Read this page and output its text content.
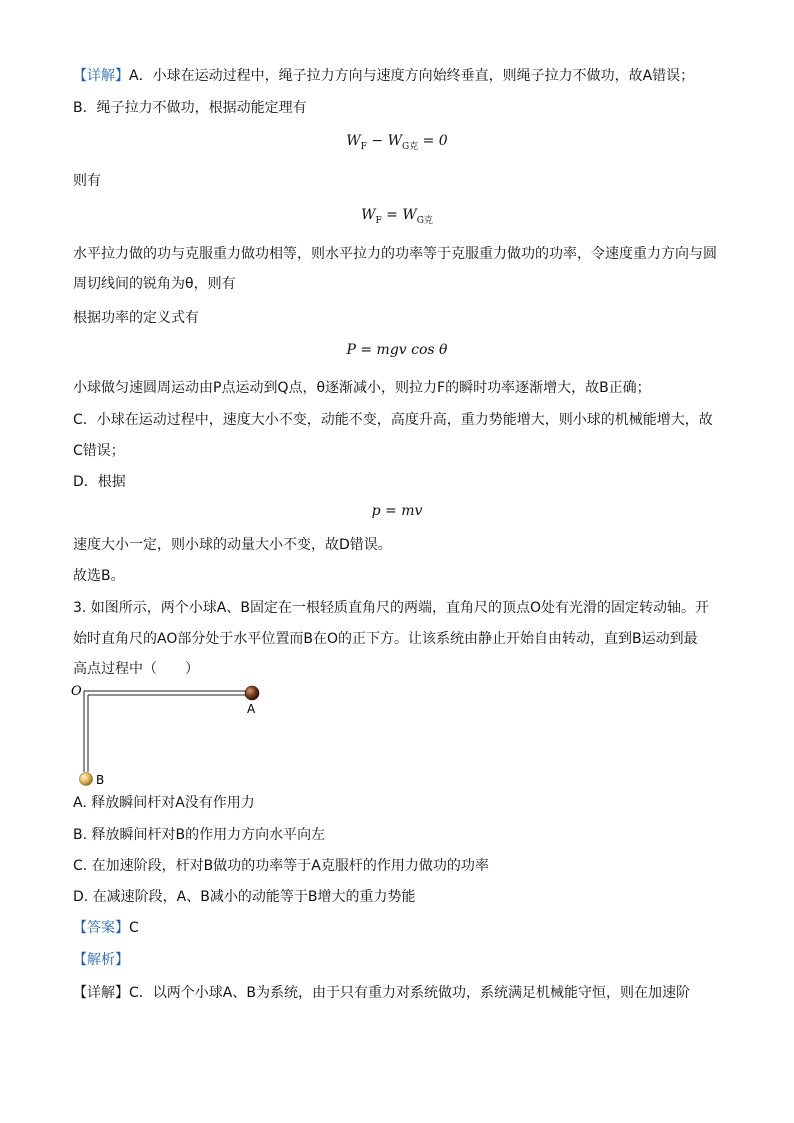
【详解】A．小球在运动过程中，绳子拉力方向与速度方向始终垂直，则绳子拉力不做功，故A错误；
B．绳子拉力不做功，根据动能定理有
$W_F - W_{G克} = 0$
则有
$W_F = W_{G克}$
水平拉力做的功与克服重力做功相等，则水平拉力的功率等于克服重力做功的功率，令速度重力方向与圆
周切线间的锐角为θ，则有
根据功率的定义式有
P = mgv cos θ
小球做匀速圆周运动由P点运动到Q点，θ逐渐减小，则拉力F的瞬时功率逐渐增大，故B正确；
C．小球在运动过程中，速度大小不变，动能不变，高度升高，重力势能增大，则小球的机械能增大，故
C错误；
D．根据
p = mv
速度大小一定，则小球的动量大小不变，故D错误。
故选B。
3. 如图所示，两个小球A、B固定在一根轻质直角尺的两端，直角尺的顶点O处有光滑的固定转动轴。开
始时直角尺的AO部分处于水平位置而B在O的正下方。让该系统由静止开始自由转动，直到B运动到最
高点过程中（　　）
O
A
B
A. 释放瞬间杆对A没有作用力
B. 释放瞬间杆对B的作用力方向水平向左
C. 在加速阶段，杆对B做功的功率等于A克服杆的作用力做功的功率
D. 在减速阶段，A、B减小的动能等于B增大的重力势能
【答案】C
【解析】
【详解】C．以两个小球A、B为系统，由于只有重力对系统做功，系统满足机械能守恒，则在加速阶
